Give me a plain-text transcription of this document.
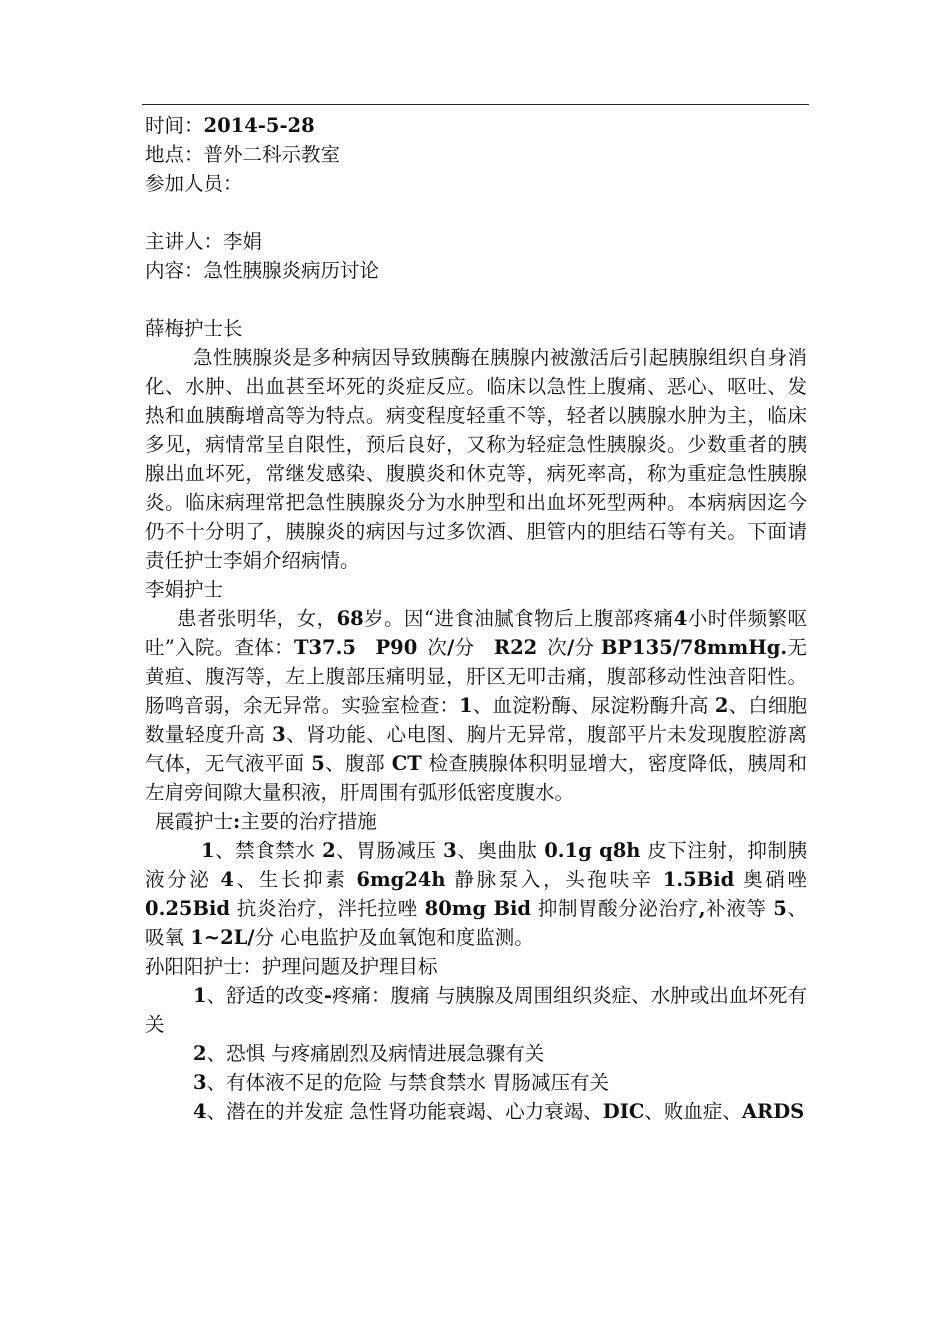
时间：2014-5-28
地点：普外二科示教室
参加人员：
主讲人：李娟
内容：急性胰腺炎病历讨论
薛梅护士长
急性胰腺炎是多种病因导致胰酶在胰腺内被激活后引起胰腺组织自身消化、水肿、出血甚至坏死的炎症反应。临床以急性上腹痛、恶心、呕吐、发热和血胰酶增高等为特点。病变程度轻重不等，轻者以胰腺水肿为主，临床多见，病情常呈自限性，预后良好，又称为轻症急性胰腺炎。少数重者的胰腺出血坏死，常继发感染、腹膜炎和休克等，病死率高，称为重症急性胰腺炎。临床病理常把急性胰腺炎分为水肿型和出血坏死型两种。本病病因迄今仍不十分明了，胰腺炎的病因与过多饮酒、胆管内的胆结石等有关。下面请责任护士李娟介绍病情。
李娟护士
患者张明华，女，68岁。因“进食油腻食物后上腹部疼痛4小时伴频繁呕吐”入院。查体：T37.5  P90  次/分  R22  次/分 BP135/78mmHg.无黄疸、腹泻等，左上腹部压痛明显，肝区无叩击痛，腹部移动性浊音阳性。肠鸣音弱，余无异常。实验室检查：1、血淀粉酶、尿淀粉酶升高 2、白细胞数量轻度升高 3、肾功能、心电图、胸片无异常，腹部平片未发现腹腔游离气体，无气液平面 5、腹部 CT 检查胰腺体积明显增大，密度降低，胰周和左肩旁间隙大量积液，肝周围有弧形低密度腹水。
展霞护士:主要的治疗措施
1、禁食禁水 2、胃肠减压 3、奥曲肽 0.1g q8h 皮下注射，抑制胰液分泌 4、生长抑素 6mg24h 静脉泵入，头孢呋辛 1.5Bid 奥硝唑 0.25Bid 抗炎治疗，泮托拉唑 80mg Bid 抑制胃酸分泌治疗,补液等 5、吸氧 1~2L/分 心电监护及血氧饱和度监测。
孙阳阳护士：护理问题及护理目标
1、舒适的改变-疼痛：腹痛 与胰腺及周围组织炎症、水肿或出血坏死有关
2、恐惧 与疼痛剧烈及病情进展急骤有关
3、有体液不足的危险 与禁食禁水 胃肠减压有关
4、潜在的并发症 急性肾功能衰竭、心力衰竭、DIC、败血症、ARDS
